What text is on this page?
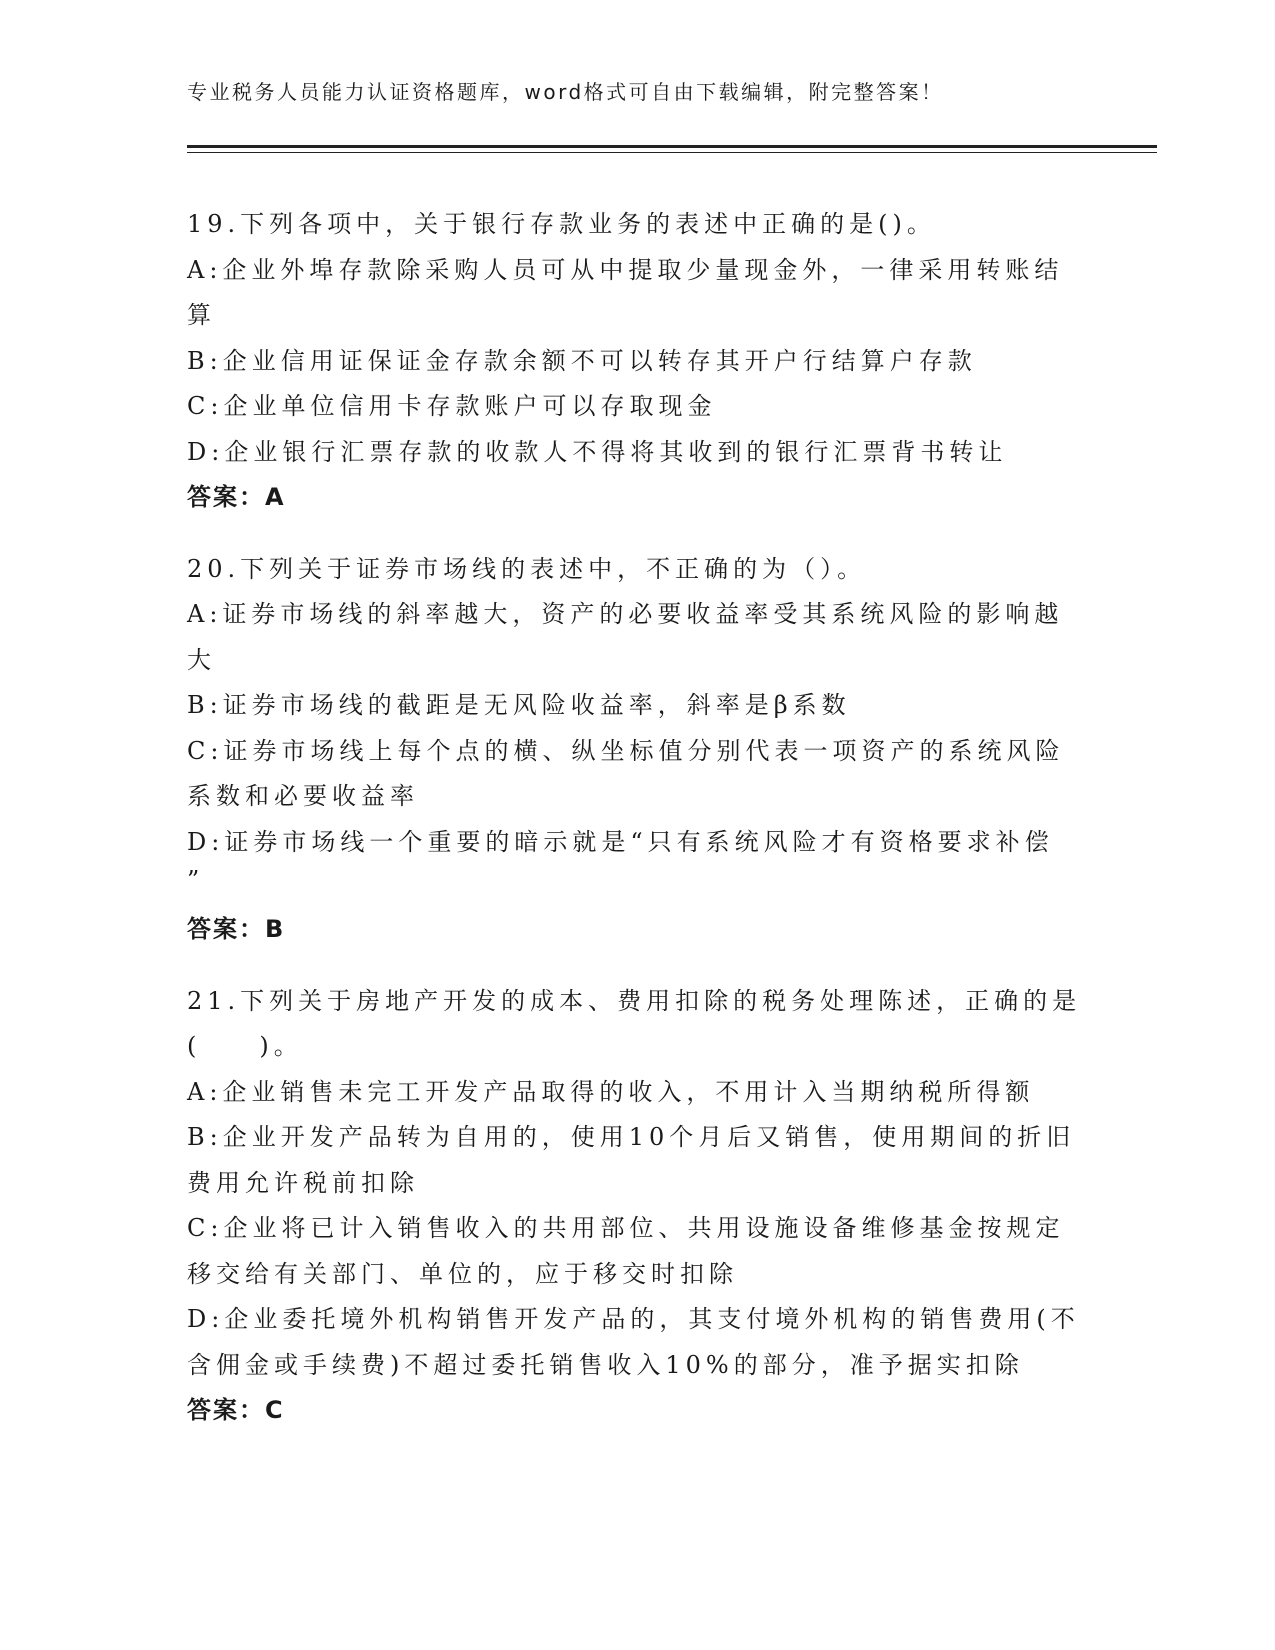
专业税务人员能力认证资格题库，word格式可自由下载编辑，附完整答案！
19.下列各项中，关于银行存款业务的表述中正确的是()。
A:企业外埠存款除采购人员可从中提取少量现金外，一律采用转账结算
B:企业信用证保证金存款余额不可以转存其开户行结算户存款
C:企业单位信用卡存款账户可以存取现金
D:企业银行汇票存款的收款人不得将其收到的银行汇票背书转让
答案：A
20.下列关于证券市场线的表述中，不正确的为（）。
A:证券市场线的斜率越大，资产的必要收益率受其系统风险的影响越大
B:证券市场线的截距是无风险收益率，斜率是β系数
C:证券市场线上每个点的横、纵坐标值分别代表一项资产的系统风险系数和必要收益率
D:证券市场线一个重要的暗示就是“只有系统风险才有资格要求补偿
”
答案：B
21.下列关于房地产开发的成本、费用扣除的税务处理陈述，正确的是(　　)。
A:企业销售未完工开发产品取得的收入，不用计入当期纳税所得额
B:企业开发产品转为自用的，使用10个月后又销售，使用期间的折旧费用允许税前扣除
C:企业将已计入销售收入的共用部位、共用设施设备维修基金按规定移交给有关部门、单位的，应于移交时扣除
D:企业委托境外机构销售开发产品的，其支付境外机构的销售费用(不含佣金或手续费)不超过委托销售收入10%的部分，准予据实扣除
答案：C
